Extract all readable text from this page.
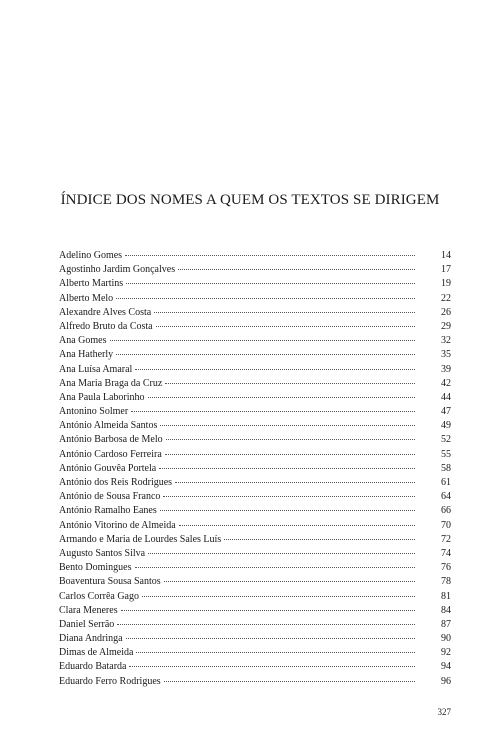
ÍNDICE DOS NOMES A QUEM OS TEXTOS SE DIRIGEM
Adelino Gomes	14
Agostinho Jardim Gonçalves	17
Alberto Martins	19
Alberto Melo	22
Alexandre Alves Costa	26
Alfredo Bruto da Costa	29
Ana Gomes	32
Ana Hatherly	35
Ana Luísa Amaral	39
Ana Maria Braga da Cruz	42
Ana Paula Laborinho	44
Antonino Solmer	47
António Almeida Santos	49
António Barbosa de Melo	52
António Cardoso Ferreira	55
António Gouvêa Portela	58
António dos Reis Rodrigues	61
António de Sousa Franco	64
António Ramalho Eanes	66
António Vitorino de Almeida	70
Armando e Maria de Lourdes Sales Luís	72
Augusto Santos Silva	74
Bento Domingues	76
Boaventura Sousa Santos	78
Carlos Corrêa Gago	81
Clara Meneres	84
Daniel Serrão	87
Diana Andringa	90
Dimas de Almeida	92
Eduardo Batarda	94
Eduardo Ferro Rodrigues	96
327
